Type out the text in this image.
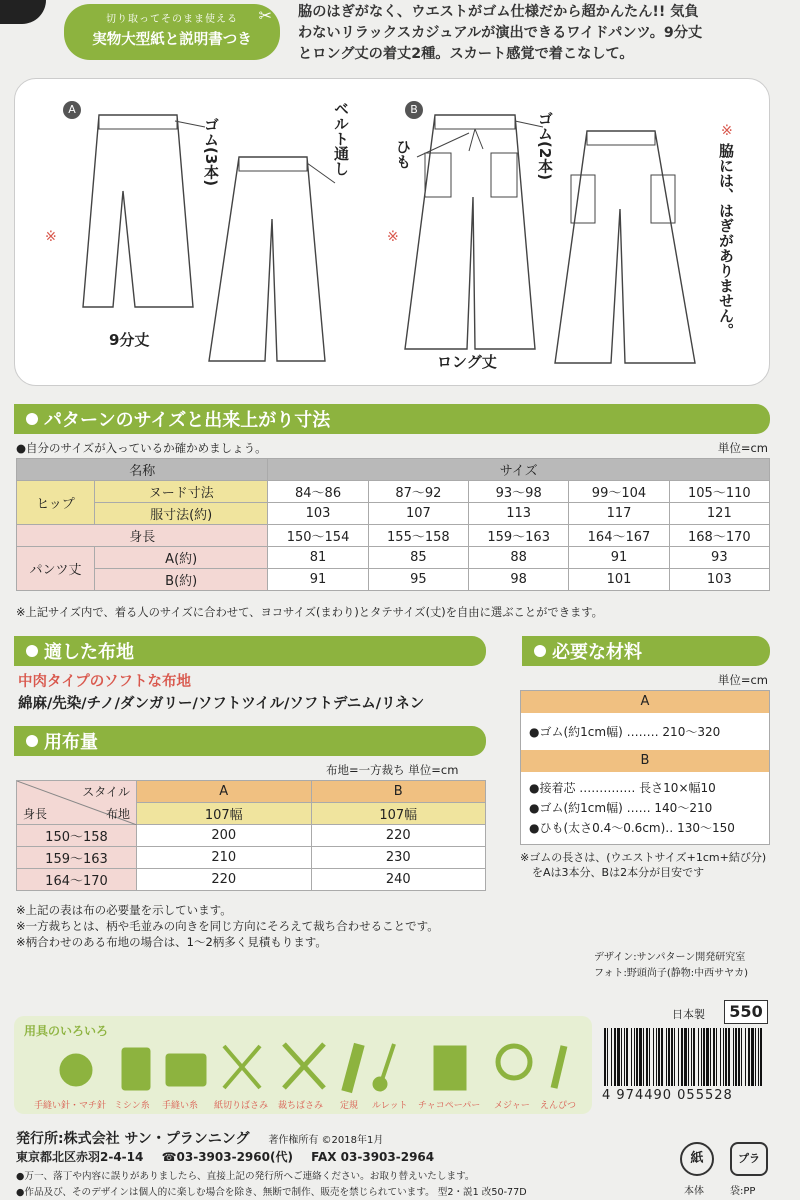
切り取ってそのまま使える
実物大型紙と説明書つき
✂ 脇のはぎがなく、ウエストがゴム仕様だから超かんたん!! 気負
わないリラックスカジュアルが演出できるワイドパンツ。9分丈
とロング丈の着丈2種。スカート感覚で着こなして。
A	B
ゴム(3本)	ベルト通し	ひも	ゴム(2本)
9分丈
ロング丈
※	※
※
脇には、はぎがありません。
パターンのサイズと出来上がり寸法
●自分のサイズが入っているか確かめましょう。	単位=cm
名称		サイズ				
ヒップ	ヌード寸法	84〜86	87〜92	93〜98	99〜104	105〜110
	服寸法(約)	103	107	113	117	121
身長		150〜154	155〜158	159〜163	164〜167	168〜170
パンツ丈	A(約)	81	85	88	91	93
	B(約)	91	95	98	101	103
※上記サイズ内で、着る人のサイズに合わせて、ヨコサイズ(まわり)とタテサイズ(丈)を自由に選ぶことができます。
適した布地
中肉タイプのソフトな布地
綿麻/先染/チノ/ダンガリー/ソフトツイル/ソフトデニム/リネン
用布量
布地=一方裁ち 単位=cm
スタイル
布地
身長	A	B
	107幅	107幅
150〜158	200	220
159〜163	210	230
164〜170	220	240
※上記の表は布の必要量を示しています。
※一方裁ちとは、柄や毛並みの向きを同じ方向にそろえて裁ち合わせることです。
※柄合わせのある布地の場合は、1〜2柄多く見積もります。
必要な材料
単位=cm
A
●ゴム(約1cm幅) ‥‥‥‥ 210〜320
B
●接着芯 ‥‥‥‥‥‥‥ 長さ10×幅10
●ゴム(約1cm幅) ‥‥‥ 140〜210
●ひも(太さ0.4〜0.6cm)‥ 130〜150
※ゴムの長さは、(ウエストサイズ+1cm+結び分)
をAは3本分、Bは2本分が目安です
デザイン:サンパターン開発研究室
フォト:野頭尚子(静物:中西サヤカ)
日本製	550
用具のいろいろ
手縫い針・マチ針 ミシン糸 手縫い糸 紙切りばさみ 裁ちばさみ 定規 ルレット チャコペーパー メジャー えんぴつ
4 974490 055528
発行所:株式会社 サン・プランニング 著作権所有 ©2018年1月
東京都北区赤羽2-4-14 ☎03-3903-2960(代) FAX 03-3903-2964
●万一、落丁や内容に誤りがありましたら、直接上記の発行所へご連絡ください。お取り替えいたします。
●作品及び、そのデザインは個人的に楽しむ場合を除き、無断で制作、販売を禁じられています。 型2・説1 改50-77D
紙	プラ
本体	袋:PP
